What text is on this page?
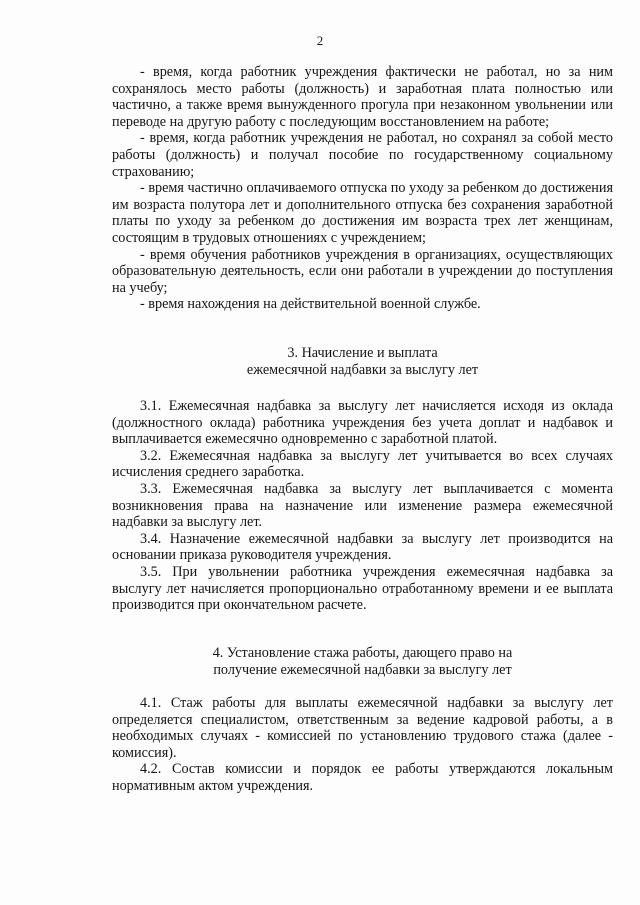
2

- время, когда работник учреждения фактически не работал, но за ним сохранялось место работы (должность) и заработная плата полностью или частично, а также время вынужденного прогула при незаконном увольнении или переводе на другую работу с последующим восстановлением на работе;

- время, когда работник учреждения не работал, но сохранял за собой место работы (должность) и получал пособие по государственному социальному страхованию;

- время частично оплачиваемого отпуска по уходу за ребенком до достижения им возраста полутора лет и дополнительного отпуска без сохранения заработной платы по уходу за ребенком до достижения им возраста трех лет женщинам, состоящим в трудовых отношениях с учреждением;

- время обучения работников учреждения в организациях, осуществляющих образовательную деятельность, если они работали в учреждении до поступления на учебу;

- время нахождения на действительной военной службе.

3. Начисление и выплата
ежемесячной надбавки за выслугу лет

3.1. Ежемесячная надбавка за выслугу лет начисляется исходя из оклада (должностного оклада) работника учреждения без учета доплат и надбавок и выплачивается ежемесячно одновременно с заработной платой.

3.2. Ежемесячная надбавка за выслугу лет учитывается во всех случаях исчисления среднего заработка.

3.3. Ежемесячная надбавка за выслугу лет выплачивается с момента возникновения права на назначение или изменение размера ежемесячной надбавки за выслугу лет.

3.4. Назначение ежемесячной надбавки за выслугу лет производится на основании приказа руководителя учреждения.

3.5. При увольнении работника учреждения ежемесячная надбавка за выслугу лет начисляется пропорционально отработанному времени и ее выплата производится при окончательном расчете.

4. Установление стажа работы, дающего право на
получение ежемесячной надбавки за выслугу лет

4.1. Стаж работы для выплаты ежемесячной надбавки за выслугу лет определяется специалистом, ответственным за ведение кадровой работы, а в необходимых случаях - комиссией по установлению трудового стажа (далее - комиссия).

4.2. Состав комиссии и порядок ее работы утверждаются локальным нормативным актом учреждения.
